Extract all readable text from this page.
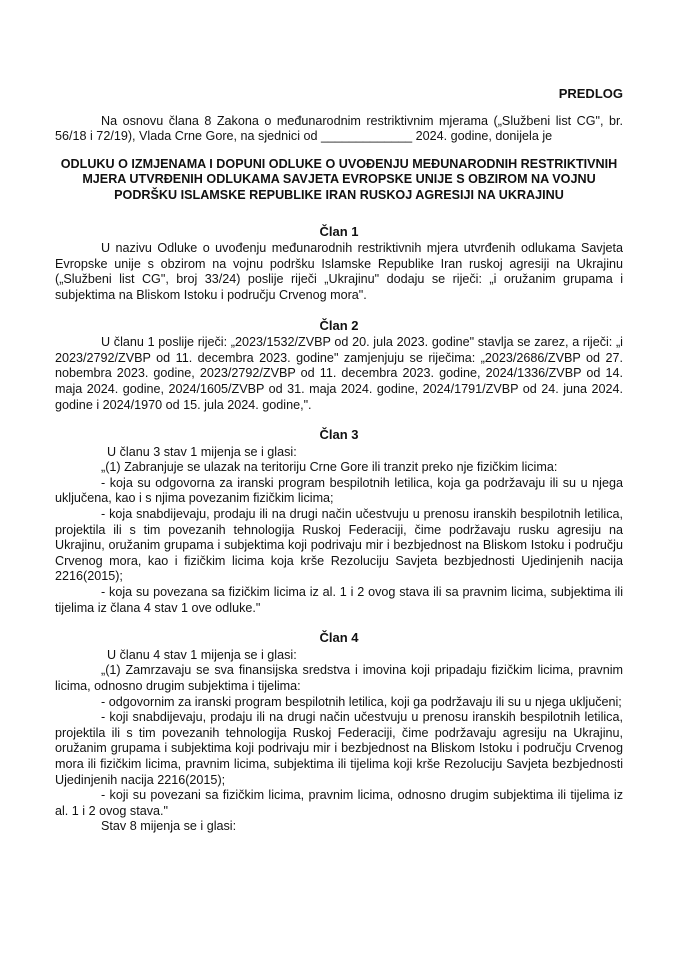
PREDLOG

Na osnovu člana 8 Zakona o međunarodnim restriktivnim mjerama („Službeni list CG", br. 56/18 i 72/19), Vlada Crne Gore, na sjednici od _____________ 2024. godine, donijela je

ODLUKU O IZMJENAMA I DOPUNI ODLUKE O UVOĐENJU MEĐUNARODNIH RESTRIKTIVNIH MJERA UTVRĐENIH ODLUKAMA SAVJETA EVROPSKE UNIJE S OBZIROM NA VOJNU PODRŠKU ISLAMSKE REPUBLIKE IRAN RUSKOJ AGRESIJI NA UKRAJINU

Član 1

U nazivu Odluke o uvođenju međunarodnih restriktivnih mjera utvrđenih odlukama Savjeta Evropske unije s obzirom na vojnu podršku Islamske Republike Iran ruskoj agresiji na Ukrajinu („Službeni list CG", broj 33/24) poslije riječi „Ukrajinu" dodaju se riječi: „i oružanim grupama i subjektima na Bliskom Istoku i području Crvenog mora".

Član 2

U članu 1 poslije riječi: „2023/1532/ZVBP od 20. jula 2023. godine" stavlja se zarez, a riječi: „i 2023/2792/ZVBP od 11. decembra 2023. godine" zamjenjuju se riječima: „2023/2686/ZVBP od 27. nobembra 2023. godine, 2023/2792/ZVBP od 11. decembra 2023. godine, 2024/1336/ZVBP od 14. maja 2024. godine, 2024/1605/ZVBP od 31. maja 2024. godine, 2024/1791/ZVBP od 24. juna 2024. godine i 2024/1970 od 15. jula 2024. godine,".

Član 3

U članu 3 stav 1 mijenja se i glasi:

„(1) Zabranjuje se ulazak na teritoriju Crne Gore ili tranzit preko nje fizičkim licima:

- koja su odgovorna za iranski program bespilotnih letilica, koja ga podržavaju ili su u njega uključena, kao i s njima povezanim fizičkim licima;

- koja snabdijevaju, prodaju ili na drugi način učestvuju u prenosu iranskih bespilotnih letilica, projektila ili s tim povezanih tehnologija Ruskoj Federaciji, čime podržavaju rusku agresiju na Ukrajinu, oružanim grupama i subjektima koji podrivaju mir i bezbjednost na Bliskom Istoku i području Crvenog mora, kao i fizičkim licima koja krše Rezoluciju Savjeta bezbjednosti Ujedinjenih nacija 2216(2015);

- koja su povezana sa fizičkim licima iz al. 1 i 2 ovog stava ili sa pravnim licima, subjektima ili tijelima iz člana 4 stav 1 ove odluke."

Član 4

U članu 4 stav 1 mijenja se i glasi:

„(1) Zamrzavaju se sva finansijska sredstva i imovina koji pripadaju fizičkim licima, pravnim licima, odnosno drugim subjektima i tijelima:

- odgovornim za iranski program bespilotnih letilica, koji ga podržavaju ili su u njega uključeni;

- koji snabdijevaju, prodaju ili na drugi način učestvuju u prenosu iranskih bespilotnih letilica, projektila ili s tim povezanih tehnologija Ruskoj Federaciji, čime podržavaju agresiju na Ukrajinu, oružanim grupama i subjektima koji podrivaju mir i bezbjednost na Bliskom Istoku i području Crvenog mora ili fizičkim licima, pravnim licima, subjektima ili tijelima koji krše Rezoluciju Savjeta bezbjednosti Ujedinjenih nacija 2216(2015);

- koji su povezani sa fizičkim licima, pravnim licima, odnosno drugim subjektima ili tijelima iz al. 1 i 2 ovog stava."

Stav 8 mijenja se i glasi:
